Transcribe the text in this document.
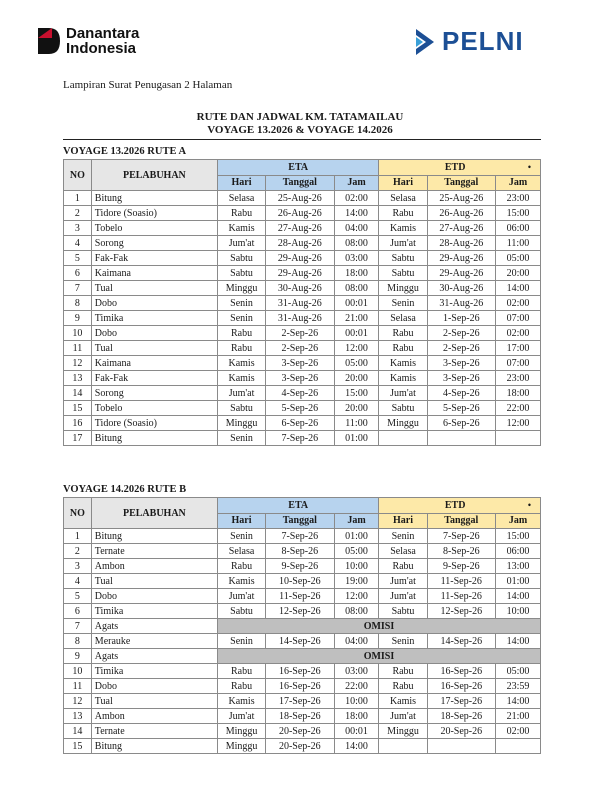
Danantara
Indonesia	PELNI
Lampiran Surat Penugasan 2 Halaman
RUTE DAN JADWAL KM. TATAMAILAU
VOYAGE 13.2026 & VOYAGE 14.2026
VOYAGE 13.2026 RUTE A
NO	PELABUHAN	ETA			ETD •		

		Hari	Tanggal	Jam	Hari	Tanggal	Jam
1	Bitung	Selasa	25-Aug-26	02:00	Selasa	25-Aug-26	23:00
2	Tidore (Soasio)	Rabu	26-Aug-26	14:00	Rabu	26-Aug-26	15:00
3	Tobelo	Kamis	27-Aug-26	04:00	Kamis	27-Aug-26	06:00
4	Sorong	Jum'at	28-Aug-26	08:00	Jum'at	28-Aug-26	11:00
5	Fak-Fak	Sabtu	29-Aug-26	03:00	Sabtu	29-Aug-26	05:00
6	Kaimana	Sabtu	29-Aug-26	18:00	Sabtu	29-Aug-26	20:00
7	Tual	Minggu	30-Aug-26	08:00	Minggu	30-Aug-26	14:00
8	Dobo	Senin	31-Aug-26	00:01	Senin	31-Aug-26	02:00
9	Timika	Senin	31-Aug-26	21:00	Selasa	1-Sep-26	07:00
10	Dobo	Rabu	2-Sep-26	00:01	Rabu	2-Sep-26	02:00
11	Tual	Rabu	2-Sep-26	12:00	Rabu	2-Sep-26	17:00
12	Kaimana	Kamis	3-Sep-26	05:00	Kamis	3-Sep-26	07:00
13	Fak-Fak	Kamis	3-Sep-26	20:00	Kamis	3-Sep-26	23:00
14	Sorong	Jum'at	4-Sep-26	15:00	Jum'at	4-Sep-26	18:00
15	Tobelo	Sabtu	5-Sep-26	20:00	Sabtu	5-Sep-26	22:00
16	Tidore (Soasio)	Minggu	6-Sep-26	11:00	Minggu	6-Sep-26	12:00
17	Bitung	Senin	7-Sep-26	01:00			
VOYAGE 14.2026 RUTE B
NO	PELABUHAN	ETA			ETD •		

		Hari	Tanggal	Jam	Hari	Tanggal	Jam
1	Bitung	Senin	7-Sep-26	01:00	Senin	7-Sep-26	15:00
2	Ternate	Selasa	8-Sep-26	05:00	Selasa	8-Sep-26	06:00
3	Ambon	Rabu	9-Sep-26	10:00	Rabu	9-Sep-26	13:00
4	Tual	Kamis	10-Sep-26	19:00	Jum'at	11-Sep-26	01:00
5	Dobo	Jum'at	11-Sep-26	12:00	Jum'at	11-Sep-26	14:00
6	Timika	Sabtu	12-Sep-26	08:00	Sabtu	12-Sep-26	10:00
7	Agats	OMISI					
8	Merauke	Senin	14-Sep-26	04:00	Senin	14-Sep-26	14:00
9	Agats	OMISI					
10	Timika	Rabu	16-Sep-26	03:00	Rabu	16-Sep-26	05:00
11	Dobo	Rabu	16-Sep-26	22:00	Rabu	16-Sep-26	23:59
12	Tual	Kamis	17-Sep-26	10:00	Kamis	17-Sep-26	14:00
13	Ambon	Jum'at	18-Sep-26	18:00	Jum'at	18-Sep-26	21:00
14	Ternate	Minggu	20-Sep-26	00:01	Minggu	20-Sep-26	02:00
15	Bitung	Minggu	20-Sep-26	14:00			
